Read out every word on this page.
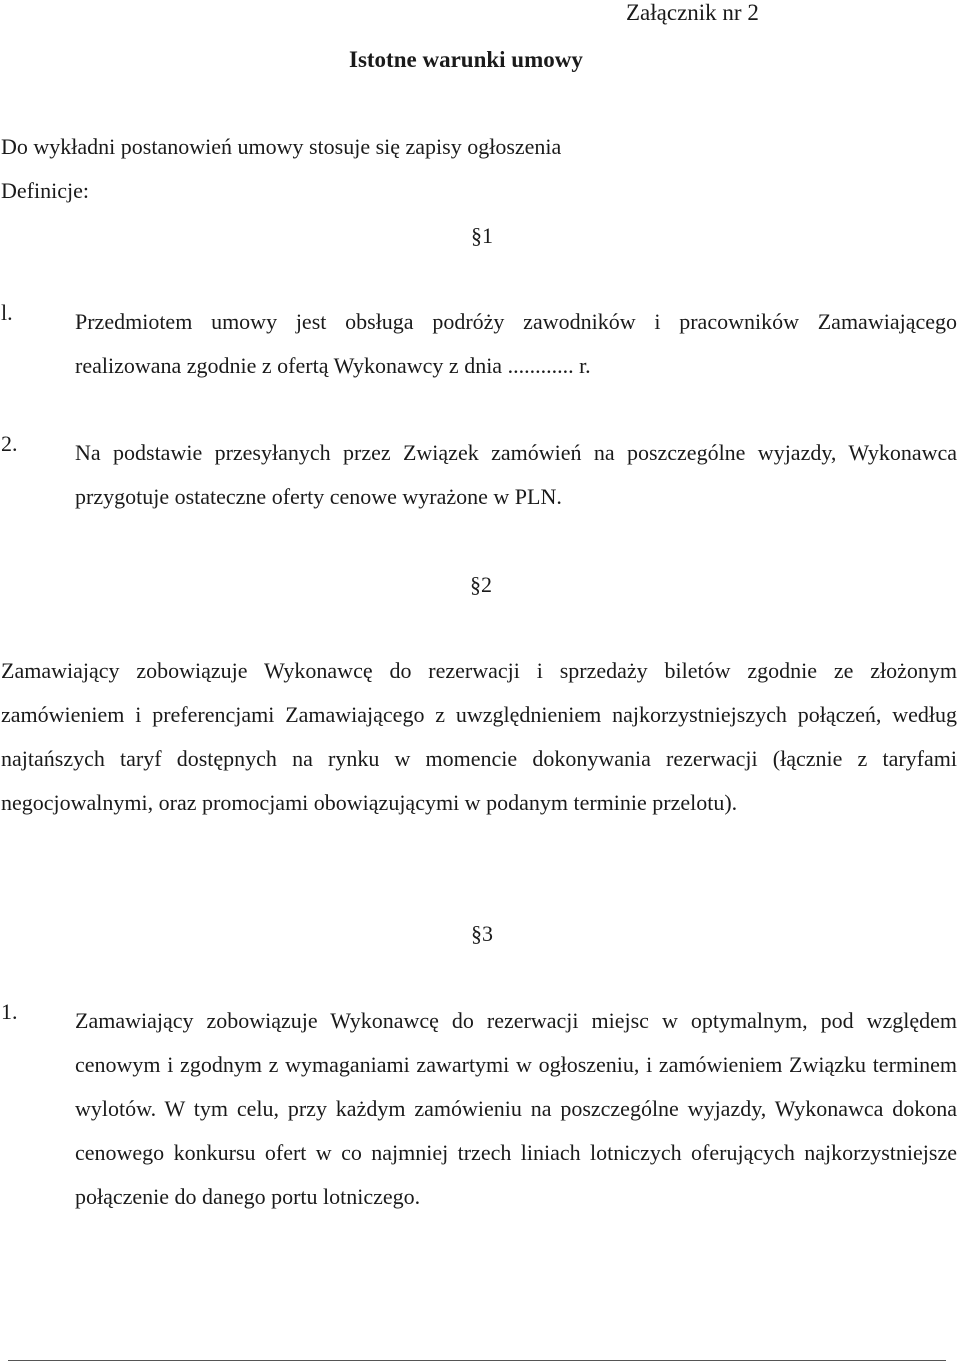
Załącznik nr 2
Istotne warunki umowy
Do wykładni postanowień umowy stosuje się zapisy ogłoszenia
Definicje:
§1
l.	Przedmiotem umowy jest obsługa podróży zawodników i pracowników Zamawiającego realizowana zgodnie z ofertą Wykonawcy z dnia ............ r.
2.	Na podstawie przesyłanych przez Związek zamówień na poszczególne wyjazdy, Wykonawca przygotuje ostateczne oferty cenowe wyrażone w PLN.
§2
Zamawiający zobowiązuje Wykonawcę do rezerwacji i sprzedaży biletów zgodnie ze złożonym zamówieniem i preferencjami Zamawiającego z uwzględnieniem najkorzystniejszych połączeń, według najtańszych taryf dostępnych na rynku w momencie dokonywania rezerwacji (łącznie z taryfami negocjowalnymi, oraz promocjami obowiązującymi w podanym terminie przelotu).
§3
1.	Zamawiający zobowiązuje Wykonawcę do rezerwacji miejsc w optymalnym, pod względem cenowym i zgodnym z wymaganiami zawartymi w ogłoszeniu, i zamówieniem Związku terminem wylotów. W tym celu, przy każdym zamówieniu na poszczególne wyjazdy, Wykonawca dokona cenowego konkursu ofert w co najmniej trzech liniach lotniczych oferujących najkorzystniejsze połączenie do danego portu lotniczego.
